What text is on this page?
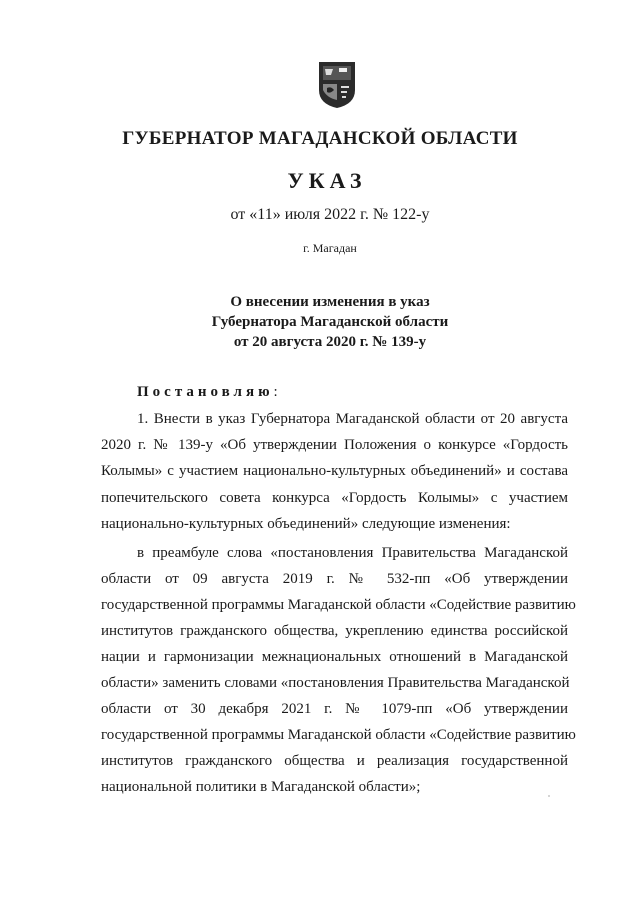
ГУБЕРНАТОР МАГАДАНСКОЙ ОБЛАСТИ
УКАЗ
от «11» июля 2022 г. № 122-у
г. Магадан
О внесении изменения в указ
Губернатора Магаданской области
от 20 августа 2020 г. № 139-у
Постановляю:
1. Внести в указ Губернатора Магаданской области от 20 августа
2020 г. № 139-у «Об утверждении Положения о конкурсе «Гордость
Колымы» с участием национально-культурных объединений» и состава
попечительского совета конкурса «Гордость Колымы» с участием
национально-культурных объединений» следующие изменения:
в преамбуле слова «постановления Правительства Магаданской
области от 09 августа 2019 г. № 532-пп «Об утверждении
государственной программы Магаданской области «Содействие развитию
институтов гражданского общества, укреплению единства российской
нации и гармонизации межнациональных отношений в Магаданской
области» заменить словами «постановления Правительства Магаданской
области от 30 декабря 2021 г. № 1079-пп «Об утверждении
государственной программы Магаданской области «Содействие развитию
институтов гражданского общества и реализация государственной
национальной политики в Магаданской области»;
